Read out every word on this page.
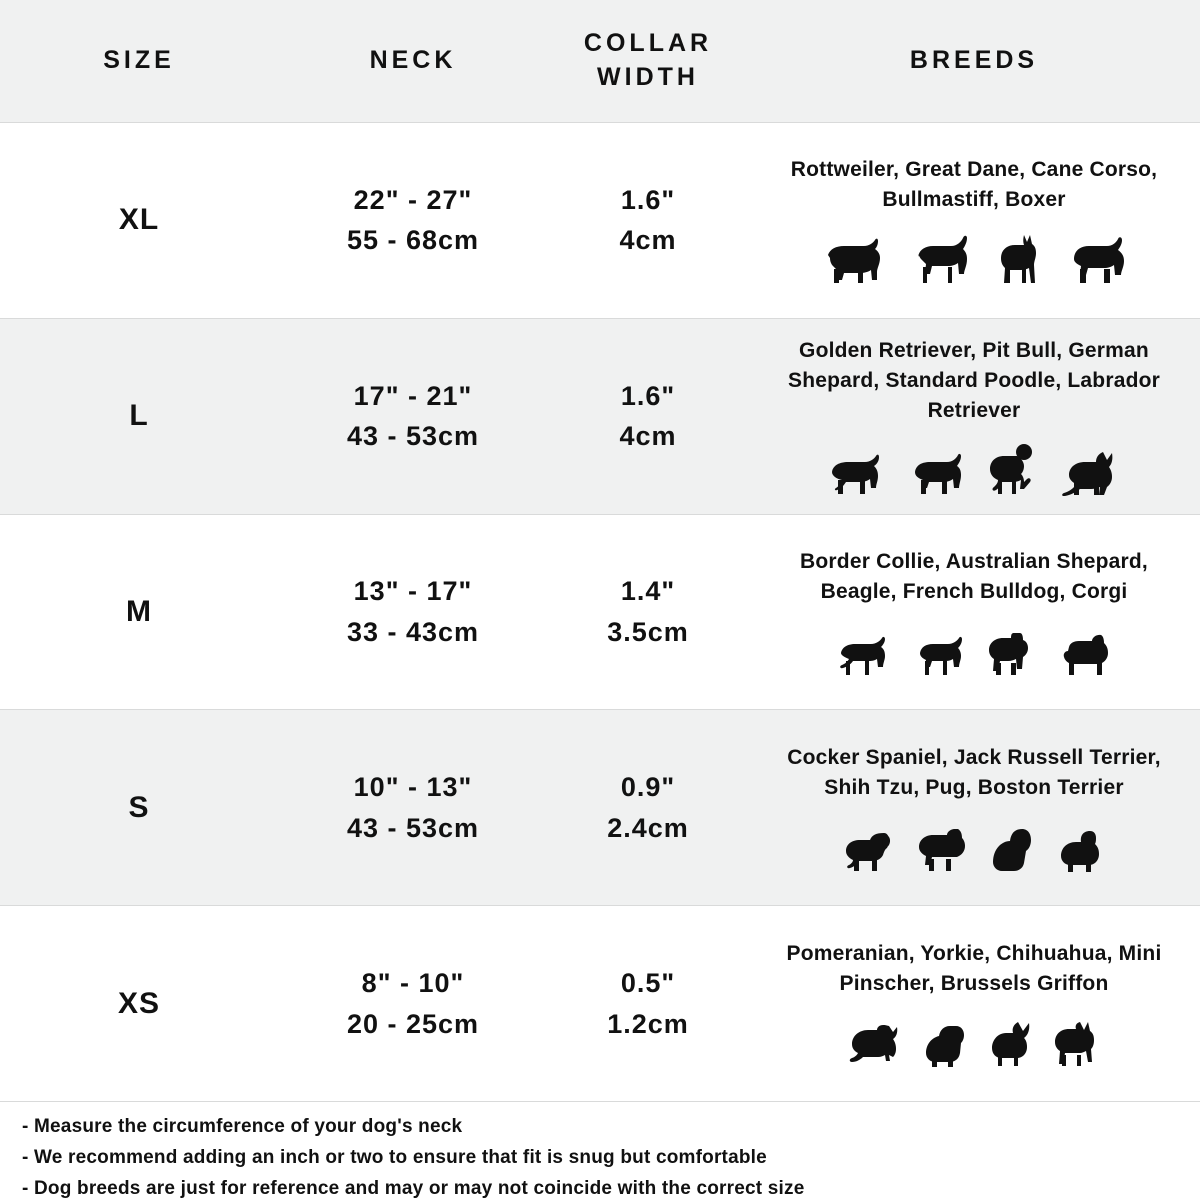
SIZE	NECK
COLLAR
WIDTH
BREEDS
XL
22" - 27"
55 - 68cm
1.6"
4cm
Rottweiler, Great Dane, Cane Corso, Bullmastiff, Boxer
L
17" - 21"
43 - 53cm
1.6"
4cm
Golden Retriever, Pit Bull, German Shepard, Standard Poodle, Labrador Retriever
M
13" - 17"
33 - 43cm
1.4"
3.5cm
Border Collie, Australian Shepard, Beagle, French Bulldog, Corgi
S
10" - 13"
43 - 53cm
0.9"
2.4cm
Cocker Spaniel, Jack Russell Terrier, Shih Tzu, Pug, Boston Terrier
XS
8" - 10"
20 - 25cm
0.5"
1.2cm
Pomeranian, Yorkie, Chihuahua, Mini Pinscher, Brussels Griffon
- Measure the circumference of your dog's neck
- We recommend adding an inch or two to ensure that fit is snug but comfortable
- Dog breeds are just for reference and may or may not coincide with the correct size
